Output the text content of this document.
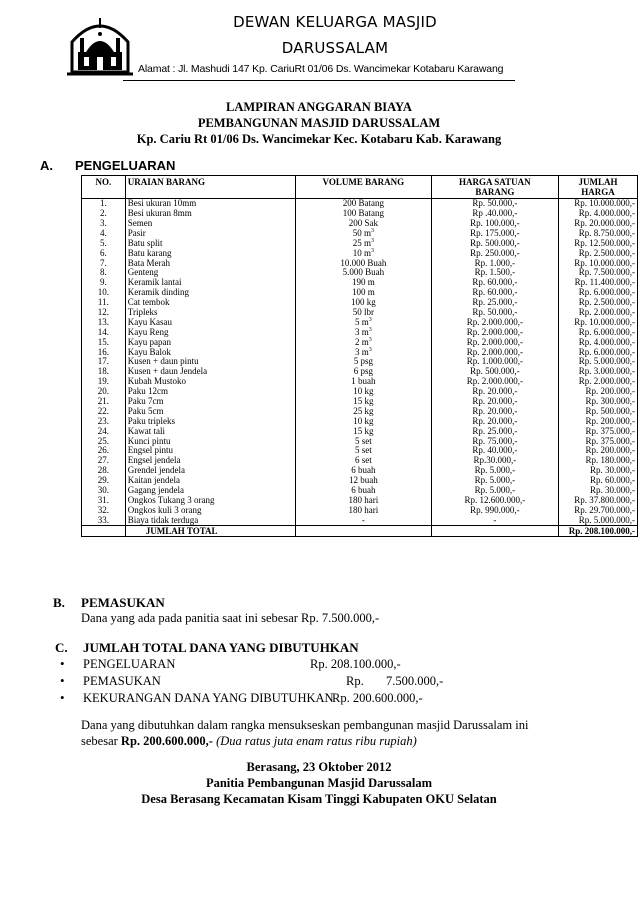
DEWAN KELUARGA MASJID
DARUSSALAM
Alamat : Jl. Mashudi 147 Kp. CariuRt 01/06 Ds. Wancimekar Kotabaru Karawang
LAMPIRAN ANGGARAN BIAYA
PEMBANGUNAN MASJID DARUSSALAM
Kp. Cariu Rt 01/06 Ds. Wancimekar Kec. Kotabaru Kab. Karawang
A. PENGELUARAN
NO.	URAIAN BARANG	VOLUME BARANG	HARGA SATUAN BARANG	JUMLAH HARGA
1.	Besi ukuran 10mm	200 Batang	Rp. 50.000,-	Rp. 10.000.000,-
2.	Besi ukuran 8mm	100 Batang	Rp .40.000,-	Rp. 4.000.000,-
3.	Semen	200 Sak	Rp. 100.000,-	Rp. 20.000.000,-
4.	Pasir	50 $m^3$	Rp. 175.000,-	Rp. 8.750.000,-
5.	Batu split	25 $m^3$	Rp. 500.000,-	Rp. 12.500.000,-
6.	Batu karang	10 $m^3$	Rp. 250.000,-	Rp. 2.500.000,-
7.	Bata Merah	10.000 Buah	Rp. 1.000,-	Rp. 10.000.000,-
8.	Genteng	5.000 Buah	Rp. 1.500,-	Rp. 7.500.000,-
9.	Keramik lantai	190 m	Rp. 60.000,-	Rp. 11.400.000,-
10.	Keramik dinding	100 m	Rp. 60.000,-	Rp. 6.000.000,-
11.	Cat tembok	100 kg	Rp. 25.000,-	Rp. 2.500.000,-
12.	Tripleks	50 lbr	Rp. 50.000,-	Rp. 2.000.000,-
13.	Kayu Kasau	5 $m^3$	Rp. 2.000.000,-	Rp. 10.000.000,-
14.	Kayu Reng	3 $m^3$	Rp. 2.000.000,-	Rp. 6.000.000,-
15.	Kayu papan	2 $m^3$	Rp. 2.000.000,-	Rp. 4.000.000,-
16.	Kayu Balok	3 $m^3$	Rp. 2.000.000,-	Rp. 6.000.000,-
17.	Kusen + daun pintu	5 psg	Rp. 1.000.000,-	Rp. 5.000.000,-
18.	Kusen + daun Jendela	6 psg	Rp. 500.000,-	Rp. 3.000.000,-
19.	Kubah Mustoko	1 buah	Rp. 2.000.000,-	Rp. 2.000.000,-
20.	Paku 12cm	10 kg	Rp. 20.000,-	Rp. 200.000,-
21.	Paku 7cm	15 kg	Rp. 20.000,-	Rp. 300.000,-
22.	Paku 5cm	25 kg	Rp. 20.000,-	Rp. 500.000,-
23.	Paku tripleks	10 kg	Rp. 20.000,-	Rp. 200.000,-
24.	Kawat tali	15 kg	Rp. 25.000,-	Rp. 375.000,-
25.	Kunci pintu	5 set	Rp. 75.000,-	Rp. 375.000,-
26.	Engsel pintu	5 set	Rp. 40.000,-	Rp. 200.000,-
27.	Engsel jendela	6 set	Rp.30.000,-	Rp. 180.000,-
28.	Grendel jendela	6 buah	Rp. 5.000,-	Rp. 30.000,-
29.	Kaitan jendela	12 buah	Rp. 5.000,-	Rp. 60.000,-
30.	Gagang jendela	6 buah	Rp. 5.000,-	Rp. 30.000,-
31.	Ongkos Tukang 3 orang	180 hari	Rp. 12.600.000,-	Rp. 37.800.000,-
32.	Ongkos kuli 3 orang	180 hari	Rp. 990.000,-	Rp. 29.700.000,-
33.	Biaya tidak terduga	-	-	Rp. 5.000.000,-
	JUMLAH TOTAL			Rp. 208.100.000,-
B. PEMASUKAN
Dana yang ada pada panitia saat ini sebesar Rp. 7.500.000,-
C. JUMLAH TOTAL DANA YANG DIBUTUHKAN
• PENGELUARAN	Rp. 208.100.000,-
• PEMASUKAN	Rp. 7.500.000,-
• KEKURANGAN DANA YANG DIBUTUHKAN
Rp. 200.600.000,-
Dana yang dibutuhkan dalam rangka mensukseskan pembangunan masjid Darussalam ini
sebesar Rp. 200.600.000,- (Dua ratus juta enam ratus ribu rupiah)
Berasang, 23 Oktober 2012
Panitia Pembangunan Masjid Darussalam
Desa Berasang Kecamatan Kisam Tinggi Kabupaten OKU Selatan
